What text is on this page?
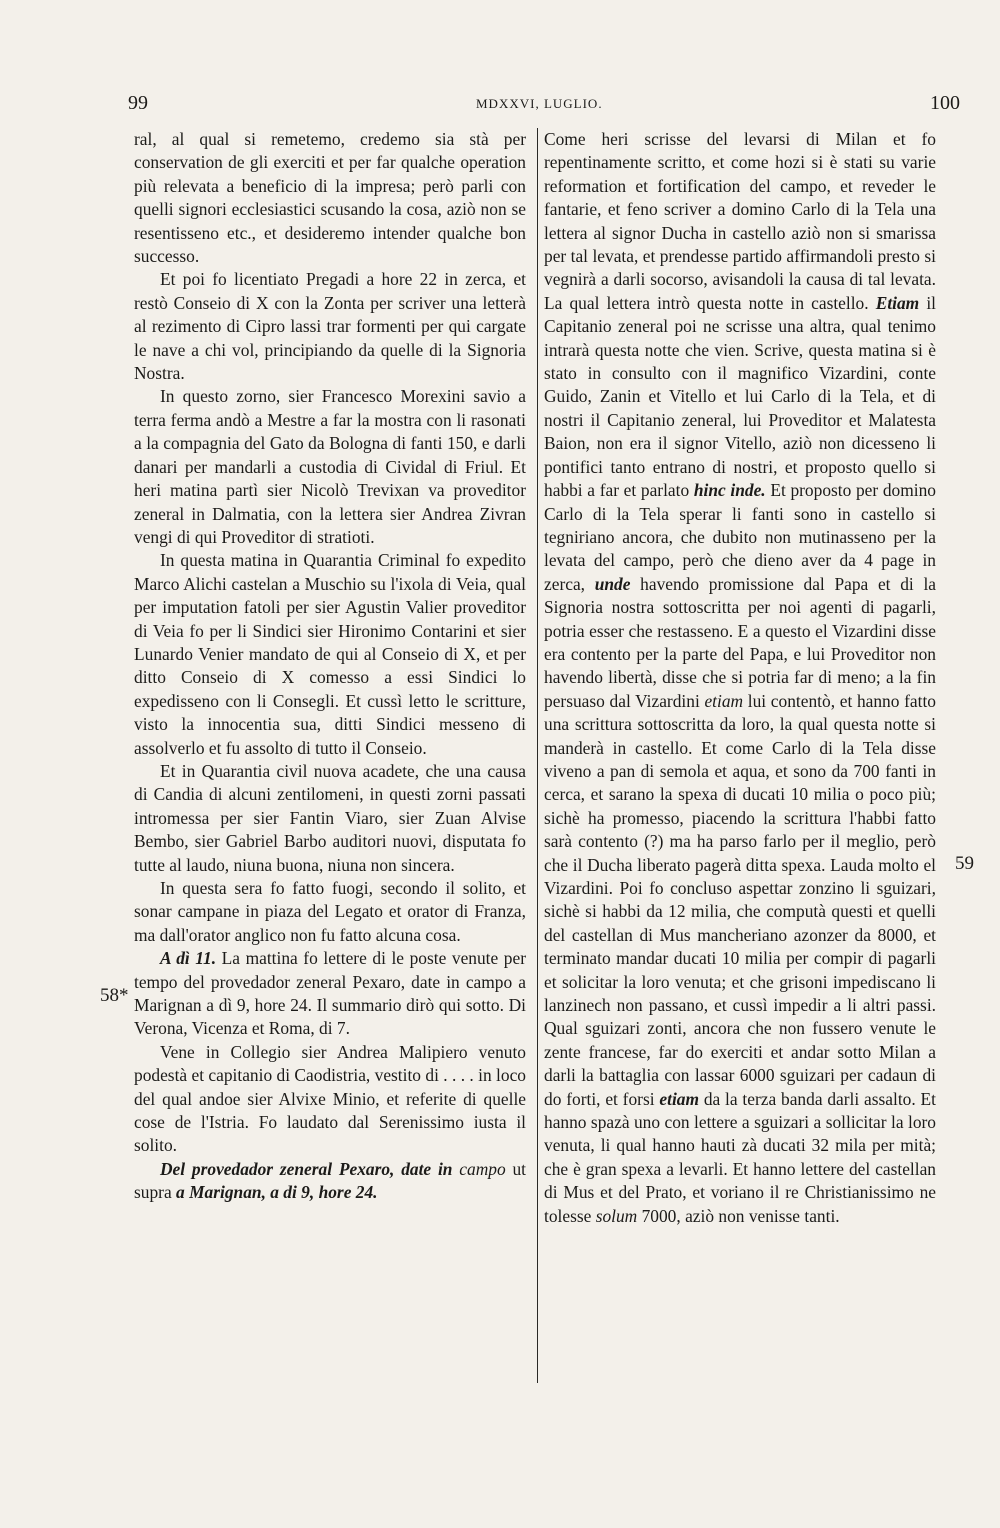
99	MDXXVI, LUGLIO.	100
58*
59

ral, al qual si remetemo, credemo sia stà per conservation de gli exerciti et per far qualche operation più relevata a beneficio di la impresa; però parli con quelli signori ecclesiastici scusando la cosa, aziò non se resentisseno etc., et desideremo intender qualche bon successo.

Et poi fo licentiato Pregadi a hore 22 in zerca, et restò Conseio di X con la Zonta per scriver una letterà al rezimento di Cipro lassi trar formenti per qui cargate le nave a chi vol, principiando da quelle di la Signoria Nostra.

In questo zorno, sier Francesco Morexini savio a terra ferma andò a Mestre a far la mostra con li rasonati a la compagnia del Gato da Bologna di fanti 150, e darli danari per mandarli a custodia di Cividal di Friul. Et heri matina partì sier Nicolò Trevixan va proveditor zeneral in Dalmatia, con la lettera sier Andrea Zivran vengi di qui Proveditor di stratioti.

In questa matina in Quarantia Criminal fo expedito Marco Alichi castelan a Muschio su l'ixola di Veia, qual per imputation fatoli per sier Agustin Valier proveditor di Veia fo per li Sindici sier Hironimo Contarini et sier Lunardo Venier mandato de qui al Conseio di X, et per ditto Conseio di X comesso a essi Sindici lo expedisseno con li Consegli. Et cussì letto le scritture, visto la innocentia sua, ditti Sindici messeno di assolverlo et fu assolto di tutto il Conseio.

Et in Quarantia civil nuova acadete, che una causa di Candia di alcuni zentilomeni, in questi zorni passati intromessa per sier Fantin Viaro, sier Zuan Alvise Bembo, sier Gabriel Barbo auditori nuovi, disputata fo tutte al laudo, niuna buona, niuna non sincera.

In questa sera fo fatto fuogi, secondo il solito, et sonar campane in piaza del Legato et orator di Franza, ma dall'orator anglico non fu fatto alcuna cosa.

A dì 11. La mattina fo lettere di le poste venute per tempo del provedador zeneral Pexaro, date in campo a Marignan a dì 9, hore 24. Il summario dirò qui sotto. Di Verona, Vicenza et Roma, di 7.

Vene in Collegio sier Andrea Malipiero venuto podestà et capitanio di Caodistria, vestito di . . . . in loco del qual andoe sier Alvixe Minio, et referite di quelle cose de l'Istria. Fo laudato dal Serenissimo iusta il solito.

Del provedador zeneral Pexaro, date in campo ut supra a Marignan, a di 9, hore 24.

Come heri scrisse del levarsi di Milan et fo repentinamente scritto, et come hozi si è stati su varie reformation et fortification del campo, et reveder le fantarie, et feno scriver a domino Carlo di la Tela una lettera al signor Ducha in castello aziò non si smarissa per tal levata, et prendesse partido affirmandoli presto si vegnirà a darli socorso, avisandoli la causa di tal levata. La qual lettera intrò questa notte in castello. Etiam il Capitanio zeneral poi ne scrisse una altra, qual tenimo intrarà questa notte che vien. Scrive, questa matina si è stato in consulto con il magnifico Vizardini, conte Guido, Zanin et Vitello et lui Carlo di la Tela, et di nostri il Capitanio zeneral, lui Proveditor et Malatesta Baion, non era il signor Vitello, aziò non dicesseno li pontifici tanto entrano di nostri, et proposto quello si habbi a far et parlato hinc inde. Et proposto per domino Carlo di la Tela sperar li fanti sono in castello si tegniriano ancora, che dubito non mutinasseno per la levata del campo, però che dieno aver da 4 page in zerca, unde havendo promissione dal Papa et di la Signoria nostra sottoscritta per noi agenti di pagarli, potria esser che restasseno. E a questo el Vizardini disse era contento per la parte del Papa, e lui Proveditor non havendo libertà, disse che si potria far di meno; a la fin persuaso dal Vizardini etiam lui contentò, et hanno fatto una scrittura sottoscritta da loro, la qual questa notte si manderà in castello. Et come Carlo di la Tela disse viveno a pan di semola et aqua, et sono da 700 fanti in cerca, et sarano la spexa di ducati 10 milia o poco più; sichè ha promesso, piacendo la scrittura l'habbi fatto sarà contento (?) ma ha parso farlo per il meglio, però che il Ducha liberato pagerà ditta spexa. Lauda molto el Vizardini. Poi fo concluso aspettar zonzino li sguizari, sichè si habbi da 12 milia, che computà questi et quelli del castellan di Mus mancheriano azonzer da 8000, et terminato mandar ducati 10 milia per compir di pagarli et solicitar la loro venuta; et che grisoni impediscano li lanzinech non passano, et cussì impedir a li altri passi. Qual sguizari zonti, ancora che non fussero venute le zente francese, far do exerciti et andar sotto Milan a darli la battaglia con lassar 6000 sguizari per cadaun di do forti, et forsi etiam da la terza banda darli assalto. Et hanno spazà uno con lettere a sguizari a sollicitar la loro venuta, li qual hanno hauti zà ducati 32 mila per mità; che è gran spexa a levarli. Et hanno lettere del castellan di Mus et del Prato, et voriano il re Christianissimo ne tolesse solum 7000, aziò non venisse tanti.
